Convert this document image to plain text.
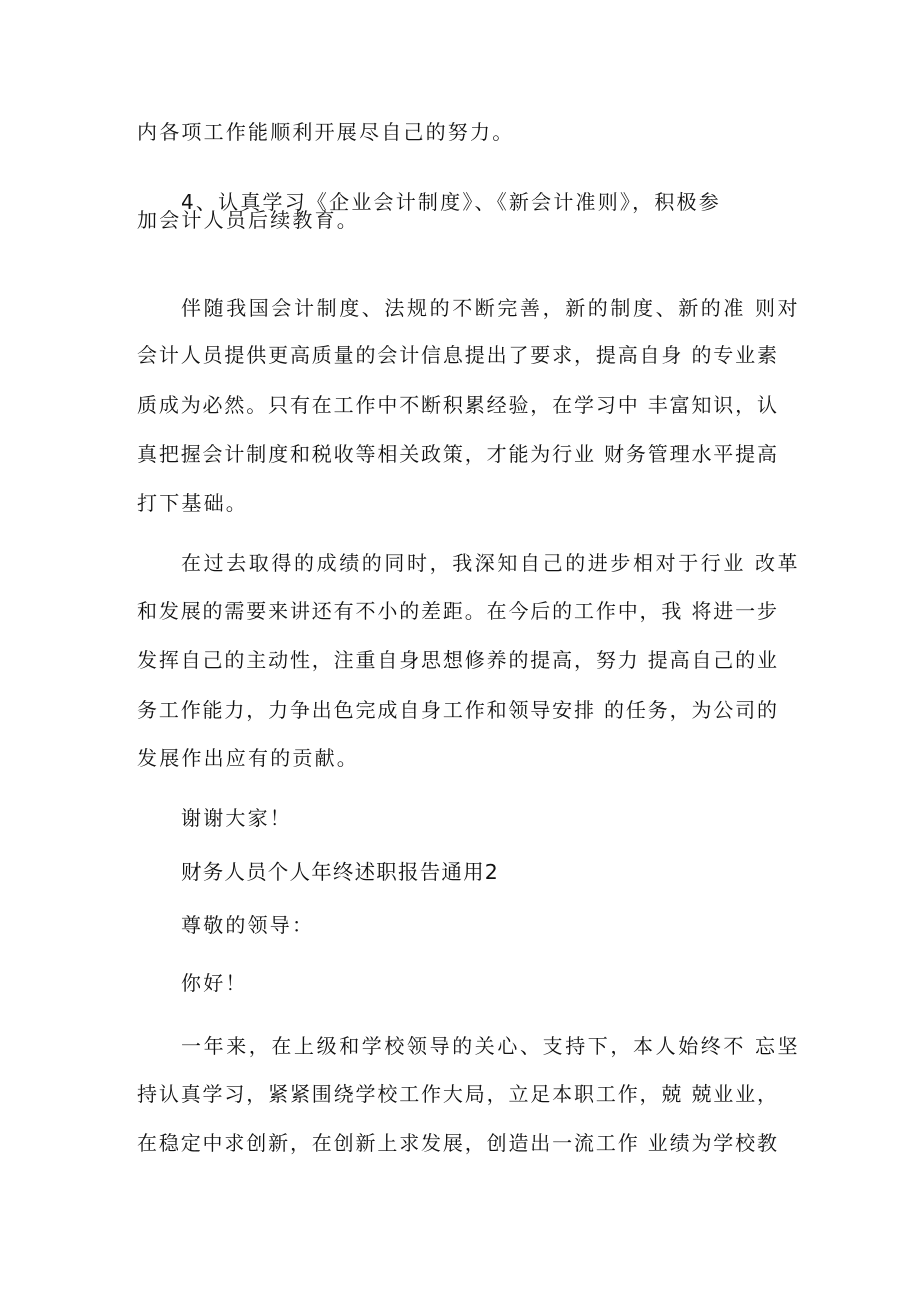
内各项工作能顺利开展尽自己的努力。
4、认真学习《企业会计制度》、《新会计准则》，积极参
加会计人员后续教育。
伴随我国会计制度、法规的不断完善，新的制度、新的准 则对
会计人员提供更高质量的会计信息提出了要求，提高自身 的专业素
质成为必然。只有在工作中不断积累经验，在学习中 丰富知识，认
真把握会计制度和税收等相关政策，才能为行业 财务管理水平提高
打下基础。
在过去取得的成绩的同时，我深知自己的进步相对于行业 改革
和发展的需要来讲还有不小的差距。在今后的工作中，我 将进一步
发挥自己的主动性，注重自身思想修养的提高，努力 提高自己的业
务工作能力，力争出色完成自身工作和领导安排 的任务，为公司的
发展作出应有的贡献。
谢谢大家！
财务人员个人年终述职报告通用2
尊敬的领导：
你好！
一年来，在上级和学校领导的关心、支持下，本人始终不 忘坚
持认真学习，紧紧围绕学校工作大局，立足本职工作，兢 兢业业，
在稳定中求创新，在创新上求发展，创造出一流工作 业绩为学校教
